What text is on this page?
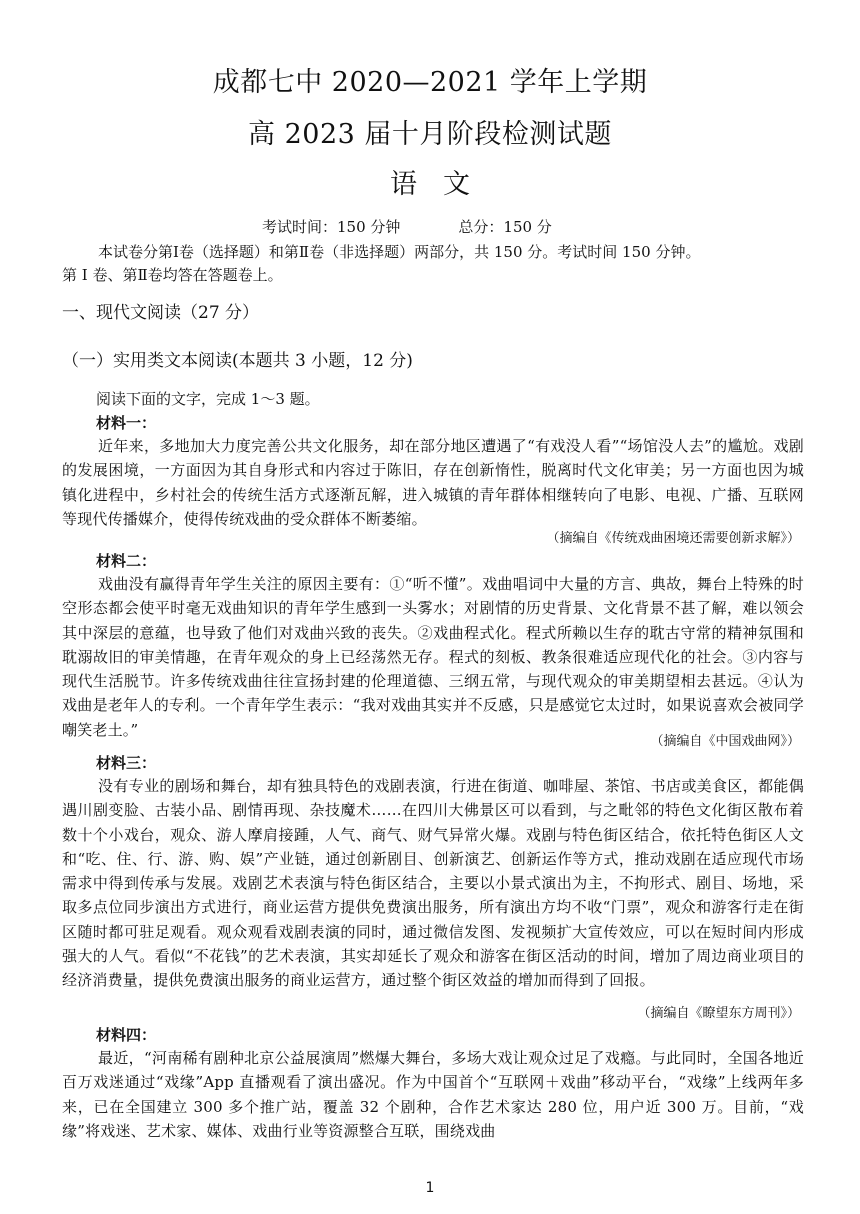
成都七中 2020—2021 学年上学期
高 2023 届十月阶段检测试题
语文
考试时间：150 分钟	总分：150 分
本试卷分第Ⅰ卷（选择题）和第Ⅱ卷（非选择题）两部分，共 150 分。考试时间 150 分钟。
第 Ⅰ 卷、第Ⅱ卷均答在答题卷上。
一、现代文阅读（27 分）
（一）实用类文本阅读(本题共 3 小题，12 分)
阅读下面的文字，完成 1～3 题。
材料一：
近年来，多地加大力度完善公共文化服务，却在部分地区遭遇了“有戏没人看”“场馆没人去”的尴尬。戏剧的发展困境，一方面因为其自身形式和内容过于陈旧，存在创新惰性，脱离时代文化审美；另一方面也因为城镇化进程中，乡村社会的传统生活方式逐渐瓦解，进入城镇的青年群体相继转向了电影、电视、广播、互联网等现代传播媒介，使得传统戏曲的受众群体不断萎缩。
（摘编自《传统戏曲困境还需要创新求解》）
材料二：
戏曲没有赢得青年学生关注的原因主要有：①“听不懂”。戏曲唱词中大量的方言、典故，舞台上特殊的时空形态都会使平时毫无戏曲知识的青年学生感到一头雾水；对剧情的历史背景、文化背景不甚了解，难以领会其中深层的意蕴，也导致了他们对戏曲兴致的丧失。②戏曲程式化。程式所赖以生存的耽古守常的精神氛围和耽溺故旧的审美情趣，在青年观众的身上已经荡然无存。程式的刻板、教条很难适应现代化的社会。③内容与现代生活脱节。许多传统戏曲往往宣扬封建的伦理道德、三纲五常，与现代观众的审美期望相去甚远。④认为戏曲是老年人的专利。一个青年学生表示：“我对戏曲其实并不反感，只是感觉它太过时，如果说喜欢会被同学嘲笑老土。”
（摘编自《中国戏曲网》）
材料三：
没有专业的剧场和舞台，却有独具特色的戏剧表演，行进在街道、咖啡屋、茶馆、书店或美食区，都能偶遇川剧变脸、古装小品、剧情再现、杂技魔术……在四川大佛景区可以看到，与之毗邻的特色文化街区散布着数十个小戏台，观众、游人摩肩接踵，人气、商气、财气异常火爆。戏剧与特色街区结合，依托特色街区人文和“吃、住、行、游、购、娱”产业链，通过创新剧目、创新演艺、创新运作等方式，推动戏剧在适应现代市场需求中得到传承与发展。戏剧艺术表演与特色街区结合，主要以小景式演出为主，不拘形式、剧目、场地，采取多点位同步演出方式进行，商业运营方提供免费演出服务，所有演出方均不收“门票”，观众和游客行走在街区随时都可驻足观看。观众观看戏剧表演的同时，通过微信发图、发视频扩大宣传效应，可以在短时间内形成强大的人气。看似“不花钱”的艺术表演，其实却延长了观众和游客在街区活动的时间，增加了周边商业项目的经济消费量，提供免费演出服务的商业运营方，通过整个街区效益的增加而得到了回报。
（摘编自《瞭望东方周刊》）
材料四：
最近，“河南稀有剧种北京公益展演周”燃爆大舞台，多场大戏让观众过足了戏瘾。与此同时，全国各地近百万戏迷通过“戏缘”App 直播观看了演出盛况。作为中国首个“互联网＋戏曲”移动平台，“戏缘”上线两年多来，已在全国建立 300 多个推广站，覆盖 32 个剧种，合作艺术家达 280 位，用户近 300 万。目前，“戏缘”将戏迷、艺术家、媒体、戏曲行业等资源整合互联，围绕戏曲
1
